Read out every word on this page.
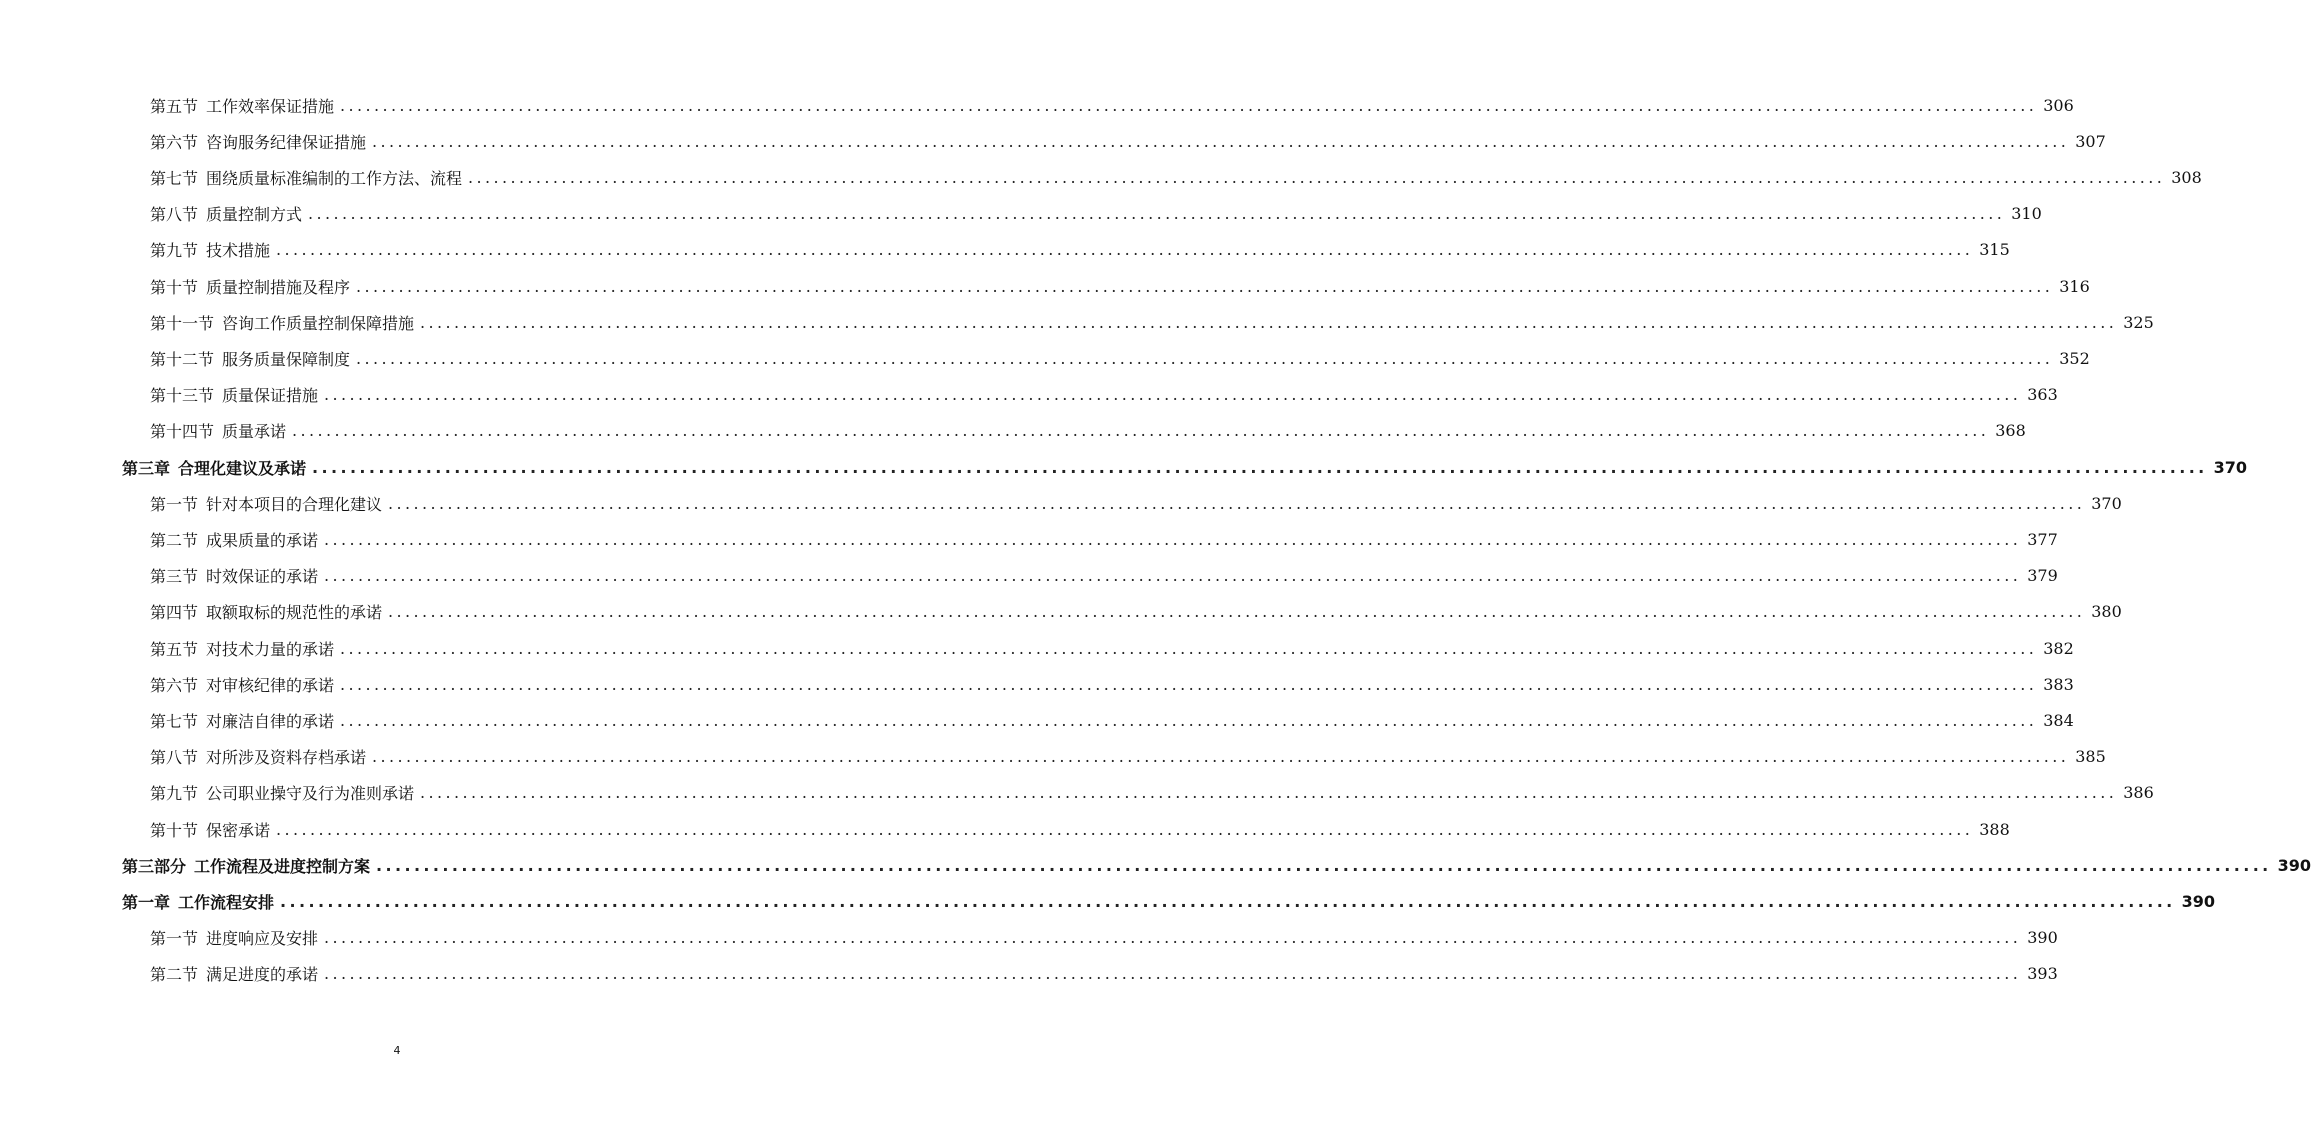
第五节 工作效率保证措施 ........................................................................................................................................................................................................ 306
第六节 咨询服务纪律保证措施 ........................................................................................................................................................................................................ 307
第七节 围绕质量标准编制的工作方法、流程 ........................................................................................................................................................................................................ 308
第八节 质量控制方式 ........................................................................................................................................................................................................ 310
第九节 技术措施 ........................................................................................................................................................................................................ 315
第十节 质量控制措施及程序 ........................................................................................................................................................................................................ 316
第十一节 咨询工作质量控制保障措施 ........................................................................................................................................................................................................ 325
第十二节 服务质量保障制度 ........................................................................................................................................................................................................ 352
第十三节 质量保证措施 ........................................................................................................................................................................................................ 363
第十四节 质量承诺 ........................................................................................................................................................................................................ 368
第三章 合理化建议及承诺 ........................................................................................................................................................................................................ 370
第一节 针对本项目的合理化建议 ........................................................................................................................................................................................................ 370
第二节 成果质量的承诺 ........................................................................................................................................................................................................ 377
第三节 时效保证的承诺 ........................................................................................................................................................................................................ 379
第四节 取额取标的规范性的承诺 ........................................................................................................................................................................................................ 380
第五节 对技术力量的承诺 ........................................................................................................................................................................................................ 382
第六节 对审核纪律的承诺 ........................................................................................................................................................................................................ 383
第七节 对廉洁自律的承诺 ........................................................................................................................................................................................................ 384
第八节 对所涉及资料存档承诺 ........................................................................................................................................................................................................ 385
第九节 公司职业操守及行为准则承诺 ........................................................................................................................................................................................................ 386
第十节 保密承诺 ........................................................................................................................................................................................................ 388
第三部分 工作流程及进度控制方案 ........................................................................................................................................................................................................ 390
第一章 工作流程安排 ........................................................................................................................................................................................................ 390
第一节 进度响应及安排 ........................................................................................................................................................................................................ 390
第二节 满足进度的承诺 ........................................................................................................................................................................................................ 393
4
